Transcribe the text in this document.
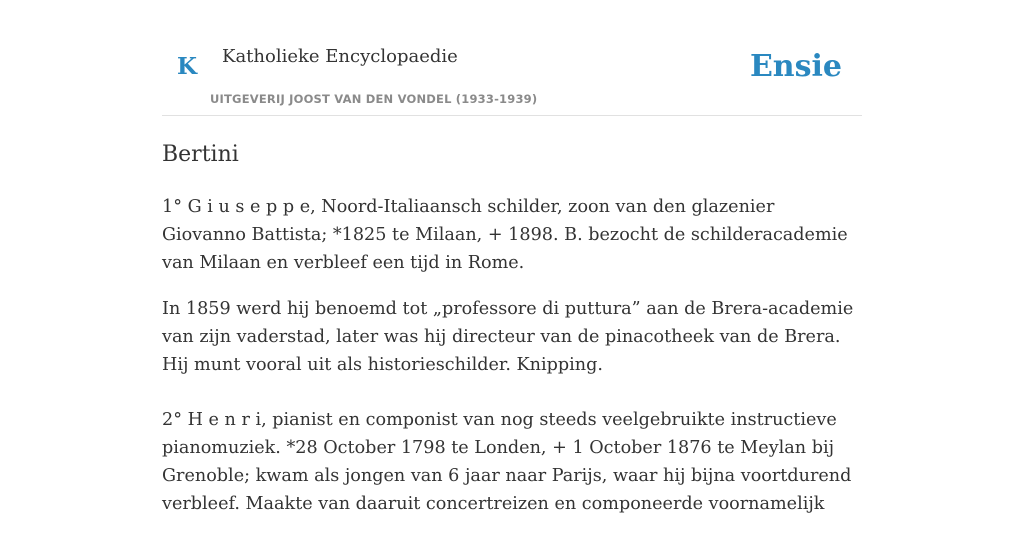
K Katholieke Encyclopaedie
UITGEVERIJ JOOST VAN DEN VONDEL (1933-1939)
Ensie
Bertini

1° G i u s e p p e, Noord-Italiaansch schilder, zoon van den glazenier Giovanno Battista; *1825 te Milaan, + 1898. B. bezocht de schilderacademie van Milaan en verbleef een tijd in Rome.

In 1859 werd hij benoemd tot „professore di puttura” aan de Brera-academie van zijn vaderstad, later was hij directeur van de pinacotheek van de Brera. Hij munt vooral uit als historieschilder. Knipping.

2° H e n r i, pianist en componist van nog steeds veelgebruikte instructieve pianomuziek. *28 October 1798 te Londen, + 1 October 1876 te Meylan bij Grenoble; kwam als jongen van 6 jaar naar Parijs, waar hij bijna voortdurend verbleef. Maakte van daaruit concertreizen en componeerde voornamelijk
